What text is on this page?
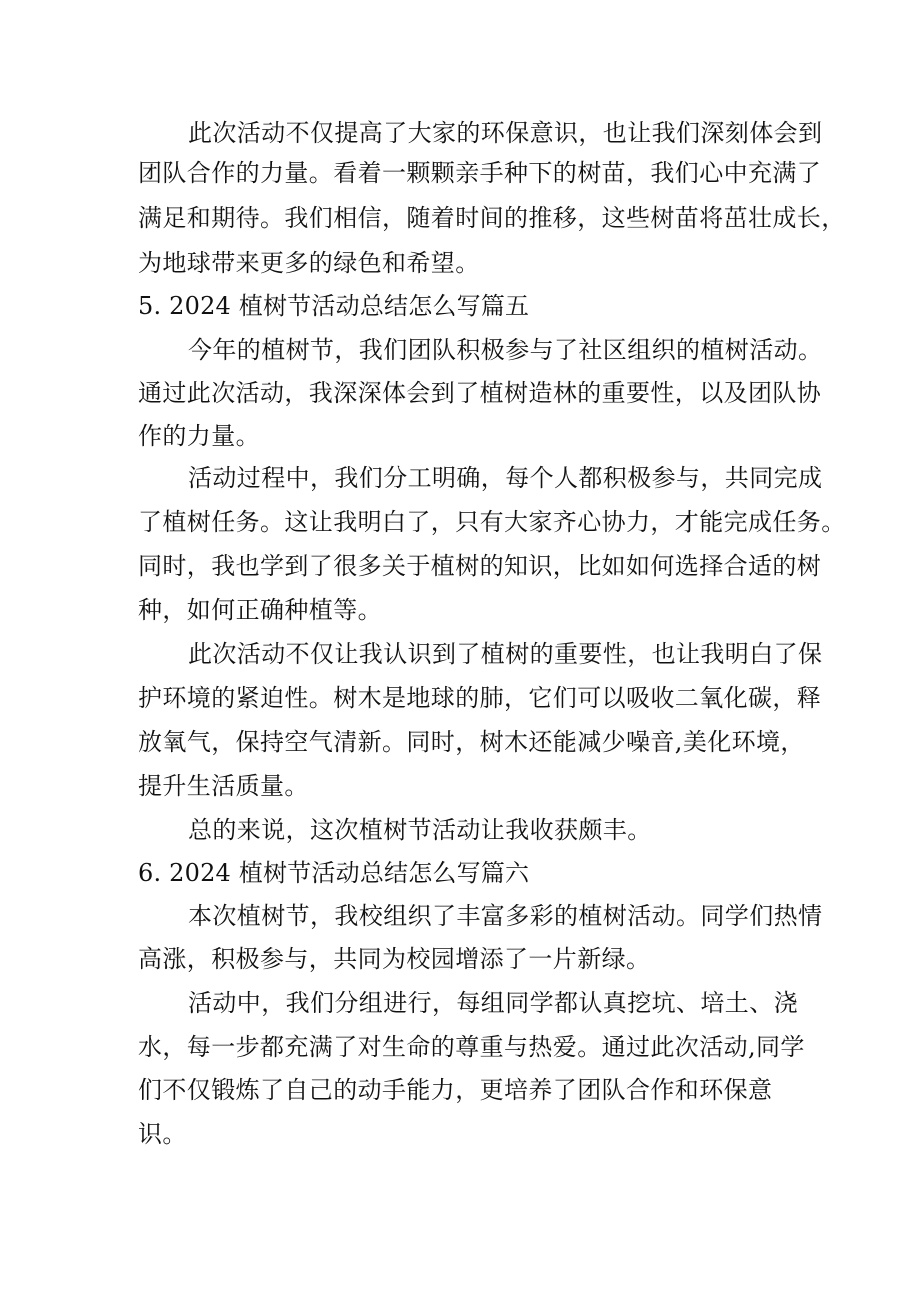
此次活动不仅提高了大家的环保意识，也让我们深刻体会到
团队合作的力量。看着一颗颗亲手种下的树苗，我们心中充满了
满足和期待。我们相信，随着时间的推移，这些树苗将茁壮成长，
为地球带来更多的绿色和希望。
5. 2024 植树节活动总结怎么写篇五
今年的植树节，我们团队积极参与了社区组织的植树活动。
通过此次活动，我深深体会到了植树造林的重要性，以及团队协
作的力量。
活动过程中，我们分工明确，每个人都积极参与，共同完成
了植树任务。这让我明白了，只有大家齐心协力，才能完成任务。
同时，我也学到了很多关于植树的知识，比如如何选择合适的树
种，如何正确种植等。
此次活动不仅让我认识到了植树的重要性，也让我明白了保
护环境的紧迫性。树木是地球的肺，它们可以吸收二氧化碳，释
放氧气，保持空气清新。同时，树木还能减少噪音,美化环境，
提升生活质量。
总的来说，这次植树节活动让我收获颇丰。
6. 2024 植树节活动总结怎么写篇六
本次植树节，我校组织了丰富多彩的植树活动。同学们热情
高涨，积极参与，共同为校园增添了一片新绿。
活动中，我们分组进行，每组同学都认真挖坑、培土、浇
水，每一步都充满了对生命的尊重与热爱。通过此次活动,同学
们不仅锻炼了自己的动手能力，更培养了团队合作和环保意
识。
